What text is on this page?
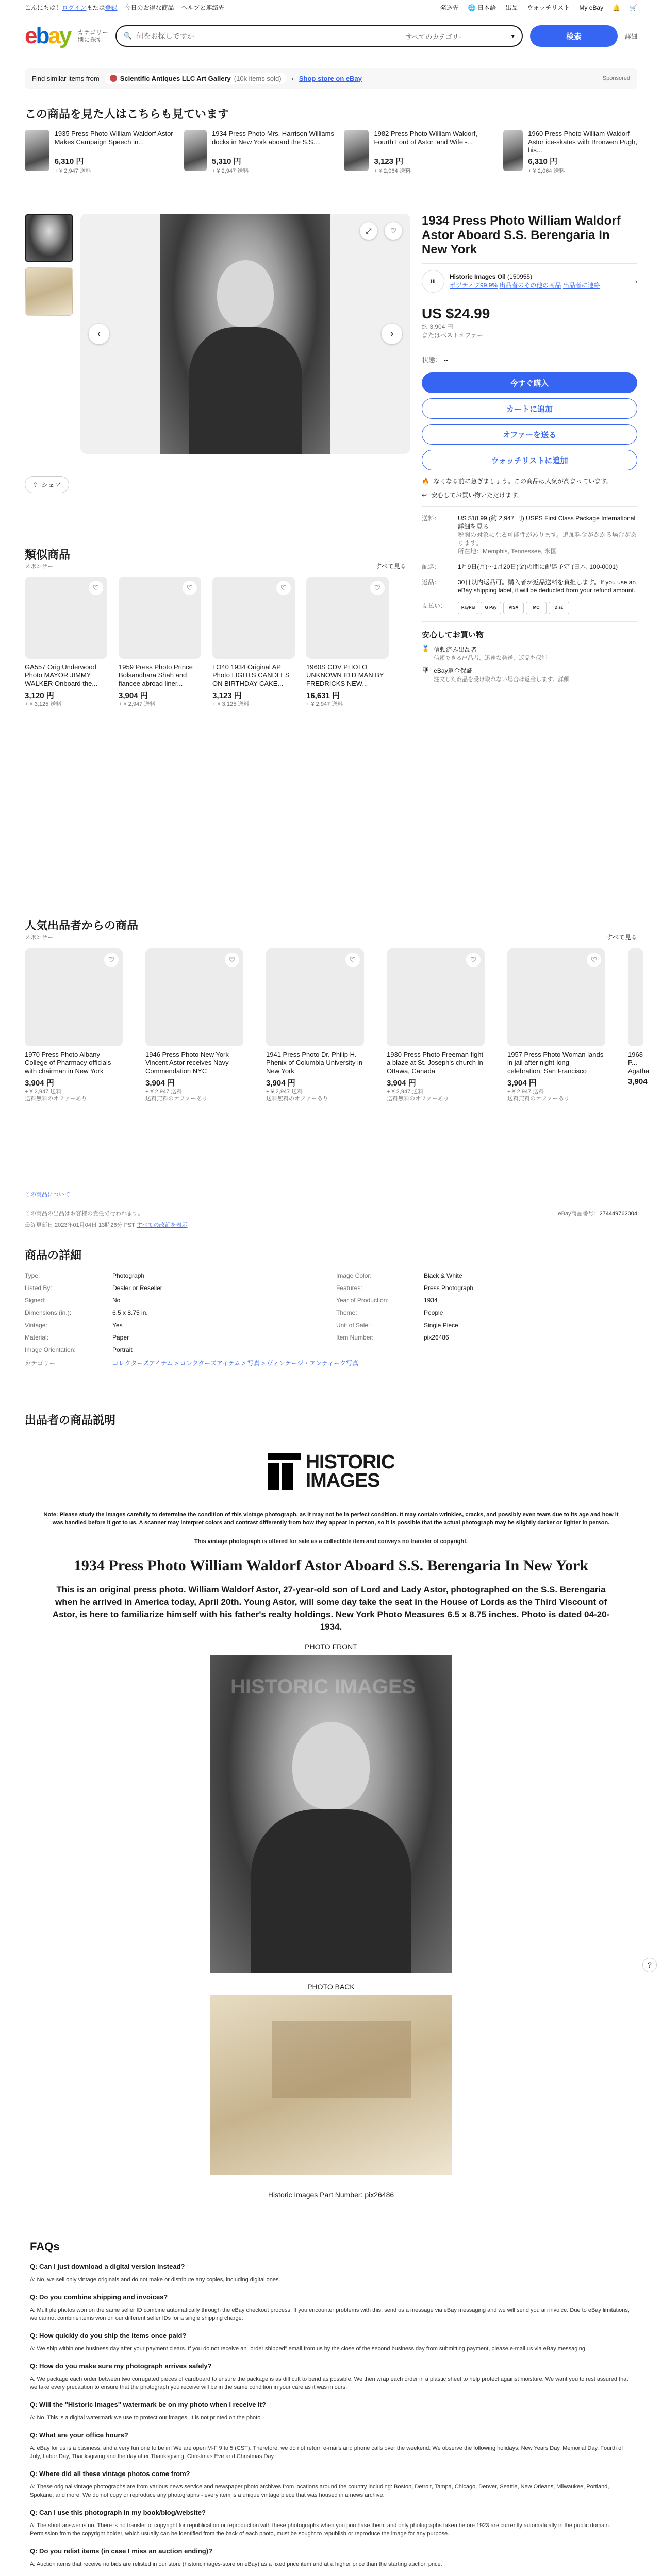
こんにちは！ログインまたは登録 今日のお得な商品 ヘルプと連絡先	発送先 🌐 日本語 出品 ウォッチリスト My eBay 🔔 🛒
ebay カテゴリー別に探す	🔍
何をお探しですか	すべてのカテゴリー	▾	検索	詳細
Find similar items from	Scientific Antiques LLC Art Gallery (10k items sold) › Shop store on eBay	Sponsored
この商品を見た人はこちらも見ています
1935 Press Photo William Waldorf Astor Makes Campaign Speech in...
6,310 円
+ ¥ 2,947 送料
1934 Press Photo Mrs. Harrison Williams docks in New York aboard the S.S....
5,310 円
+ ¥ 2,947 送料
1982 Press Photo William Waldorf, Fourth Lord of Astor, and Wife -...
3,123 円
+ ¥ 2,064 送料
1960 Press Photo William Waldorf Astor ice-skates with Bronwen Pugh, his...
6,310 円
+ ¥ 2,064 送料
‹	›
⤢	♡
⇪ シェア
1934 Press Photo William Waldorf Astor Aboard S.S. Berengaria In New York
HI
Historic Images Oil (150955)
ポジティブ99.9% 出品者のその他の商品 出品者に連絡
›
US $24.99
約 3,904 円
またはベストオファー
状態： --
今すぐ購入
カートに追加
オファーを送る
ウォッチリストに追加
🔥 なくなる前に急ぎましょう。この商品は人気が高まっています。
↩ 安心してお買い物いただけます。
送料：	US $18.99 (約 2,947 円) USPS First Class Package International 詳細を見る
税関の対象になる可能性があります。追加料金がかかる場合があります。
所在地：Memphis, Tennessee, 米国
配達：	1月9日(月)～1月20日(金)の間に配達予定 (日本, 100-0001)
返品：	30日以内返品可。購入者が返品送料を負担します。If you use an eBay shipping label, it will be deducted from your refund amount.
支払い：	PayPal G Pay	VISA	MC	Disc
安心してお買い物
🏅 信頼済み出品者
信頼できる出品者、迅速な発送、返品を保証
🛡 eBay返金保証
注文した商品を受け取れない場合は返金します。詳細
類似商品
スポンサー	すべて見る
♡
GA557 Orig Underwood Photo MAYOR JIMMY WALKER Onboard the...
3,120 円
+ ¥ 3,125 送料
♡
1959 Press Photo Prince Bolsandhara Shah and fiancee abroad liner...
3,904 円
+ ¥ 2,947 送料
♡
LO40 1934 Original AP Photo LIGHTS CANDLES ON BIRTHDAY CAKE...
3,123 円
+ ¥ 3,125 送料
♡
1960S CDV PHOTO UNKNOWN ID'D MAN BY FREDRICKS NEW...
16,631 円
+ ¥ 2,947 送料
人気出品者からの商品
スポンサー	すべて見る
♡
1970 Press Photo Albany College of Pharmacy officials with chairman in New York
3,904 円
+ ¥ 2,947 送料
送料無料のオファーあり
♡
1946 Press Photo New York Vincent Astor receives Navy Commendation NYC
3,904 円
+ ¥ 2,947 送料
送料無料のオファーあり
♡
1941 Press Photo Dr. Philip H. Phenix of Columbia University in New York
3,904 円
+ ¥ 2,947 送料
送料無料のオファーあり
♡
1930 Press Photo Freeman fight a blaze at St. Joseph's church in Ottawa, Canada
3,904 円
+ ¥ 2,947 送料
送料無料のオファーあり
♡
1957 Press Photo Woman lands in jail after night-long celebration, San Francisco
3,904 円
+ ¥ 2,947 送料
送料無料のオファーあり
1968 P... Agatha
3,904
この商品について
この商品の出品はお客様の責任で行われます。	eBay商品番号：274449762004
最終更新日 2023年01月04日 13時26分 PST すべての改訂を表示
商品の詳細
Type:	Photograph	Image Color:	Black & White
Listed By:	Dealer or Reseller	Features:	Press Photograph
Signed:	No	Year of Production:	1934
Dimensions (in.):	6.5 x 8.75 in.	Theme:	People
Vintage:	Yes	Unit of Sale:	Single Piece
Material:	Paper	Item Number:	pix26486
Image Orientation:	Portrait
カテゴリー	コレクターズアイテム > コレクターズアイテム > 写真 > ヴィンテージ・アンティーク写真
出品者の商品説明
HISTORIC
IMAGES
Note: Please study the images carefully to determine the condition of this vintage photograph, as it may not be in perfect condition. It may contain wrinkles, cracks, and possibly even tears due to its age and how it was handled before it got to us. A scanner may interpret colors and contrast differently from how they appear in person, so it is possible that the actual photograph may be slightly darker or lighter in person.
This vintage photograph is offered for sale as a collectible item and conveys no transfer of copyright.
1934 Press Photo William Waldorf Astor Aboard S.S. Berengaria In New York
This is an original press photo. William Waldorf Astor, 27-year-old son of Lord and Lady Astor, photographed on the S.S. Berengaria when he arrived in America today, April 20th. Young Astor, will some day take the seat in the House of Lords as the Third Viscount of Astor, is here to familiarize himself with his father's realty holdings. New York Photo Measures 6.5 x 8.75 inches. Photo is dated 04-20-1934.
PHOTO FRONT
HISTORIC IMAGES
PHOTO BACK
Historic Images Part Number: pix26486
FAQs
Q: Can I just download a digital version instead?
A: No, we sell only vintage originals and do not make or distribute any copies, including digital ones.
Q: Do you combine shipping and invoices?
A: Multiple photos won on the same seller ID combine automatically through the eBay checkout process. If you encounter problems with this, send us a message via eBay messaging and we will send you an invoice. Due to eBay limitations, we cannot combine items won on our different seller IDs for a single shipping charge.
Q: How quickly do you ship the items once paid?
A: We ship within one business day after your payment clears. If you do not receive an "order shipped" email from us by the close of the second business day from submitting payment, please e-mail us via eBay messaging.
Q: How do you make sure my photograph arrives safely?
A: We package each order between two corrugated pieces of cardboard to ensure the package is as difficult to bend as possible. We then wrap each order in a plastic sheet to help protect against moisture. We want you to rest assured that we take every precaution to ensure that the photograph you receive will be in the same condition in your care as it was in ours.
Q: Will the "Historic Images" watermark be on my photo when I receive it?
A: No. This is a digital watermark we use to protect our images. It is not printed on the photo.
Q: What are your office hours?
A: eBay for us is a business, and a very fun one to be in! We are open M-F 9 to 5 (CST). Therefore, we do not return e-mails and phone calls over the weekend. We observe the following holidays: New Years Day, Memorial Day, Fourth of July, Labor Day, Thanksgiving and the day after Thanksgiving, Christmas Eve and Christmas Day.
Q: Where did all these vintage photos come from?
A: These original vintage photographs are from various news service and newspaper photo archives from locations around the country including: Boston, Detroit, Tampa, Chicago, Denver, Seattle, New Orleans, Milwaukee, Portland, Spokane, and more. We do not copy or reproduce any photographs - every item is a unique vintage piece that was housed in a news archive.
Q: Can I use this photograph in my book/blog/website?
A: The short answer is no. There is no transfer of copyright for republication or reproduction with these photographs when you purchase them, and only photographs taken before 1923 are currently automatically in the public domain. Permission from the copyright holder, which usually can be identified from the back of each photo, must be sought to republish or reproduce the image for any purpose.
Q: Do you relist items (in case I miss an auction ending)?
A: Auction items that receive no bids are relisted in our store (historicimages-store on eBay) as a fixed price item and at a higher price than the starting auction price.
?
